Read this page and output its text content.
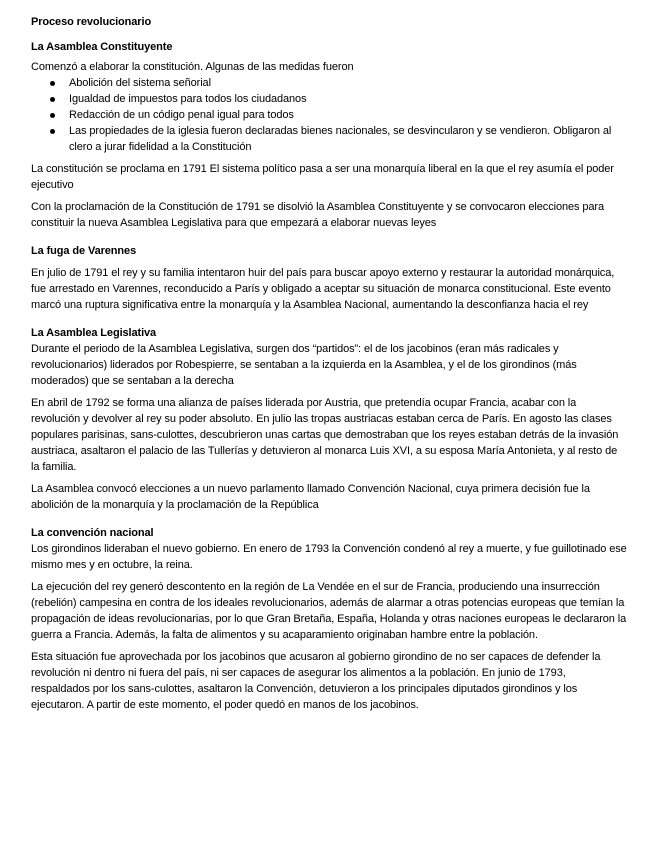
Proceso revolucionario
La Asamblea Constituyente

Comenzó a elaborar la constitución. Algunas de las medidas fueron

Abolición del sistema señorial
Igualdad de impuestos para todos los ciudadanos
Redacción de un código penal igual para todos
Las propiedades de la iglesia fueron declaradas bienes nacionales, se desvincularon y se vendieron. Obligaron al clero a jurar fidelidad a la Constitución

La constitución se proclama en 1791 El sistema político pasa a ser una monarquía liberal en la que el rey asumía el poder ejecutivo

Con la proclamación de la Constitución de 1791 se disolvió la Asamblea Constituyente y se convocaron elecciones para constituir la nueva Asamblea Legislativa para que empezará a elaborar nuevas leyes

La fuga de Varennes

En julio de 1791 el rey y su familia intentaron huir del país para buscar apoyo externo y restaurar la autoridad monárquica, fue arrestado en Varennes, reconducido a París y obligado a aceptar su situación de monarca constitucional. Este evento marcó una ruptura significativa entre la monarquía y la Asamblea Nacional, aumentando la desconfianza hacia el rey

La Asamblea Legislativa

Durante el periodo de la Asamblea Legislativa, surgen dos “partidos”: el de los jacobinos (eran más radicales y revolucionarios) liderados por Robespierre, se sentaban a la izquierda en la Asamblea, y el de los girondinos (más moderados) que se sentaban a la derecha

En abril de 1792 se forma una alianza de países liderada por Austria, que pretendía ocupar Francia, acabar con la revolución y devolver al rey su poder absoluto. En julio las tropas austriacas estaban cerca de París. En agosto las clases populares parisinas, sans-culottes, descubrieron unas cartas que demostraban que los reyes estaban detrás de la invasión austriaca, asaltaron el palacio de las Tullerías y detuvieron al monarca Luis XVI, a su esposa María Antonieta, y al resto de la familia.

La Asamblea convocó elecciones a un nuevo parlamento llamado Convención Nacional, cuya primera decisión fue la abolición de la monarquía y la proclamación de la República

La convención nacional

Los girondinos lideraban el nuevo gobierno. En enero de 1793 la Convención condenó al rey a muerte, y fue guillotinado ese mismo mes y en octubre, la reina.

La ejecución del rey generó descontento en la región de La Vendée en el sur de Francia, produciendo una insurrección (rebelión) campesina en contra de los ideales revolucionarios, además de alarmar a otras potencias europeas que temían la propagación de ideas revolucionarias, por lo que Gran Bretaña, España, Holanda y otras naciones europeas le declararon la guerra a Francia. Además, la falta de alimentos y su acaparamiento originaban hambre entre la población.

Esta situación fue aprovechada por los jacobinos que acusaron al gobierno girondino de no ser capaces de defender la revolución ni dentro ni fuera del país, ni ser capaces de asegurar los alimentos a la población. En junio de 1793, respaldados por los sans-culottes, asaltaron la Convención, detuvieron a los principales diputados girondinos y los ejecutaron. A partir de este momento, el poder quedó en manos de los jacobinos.
